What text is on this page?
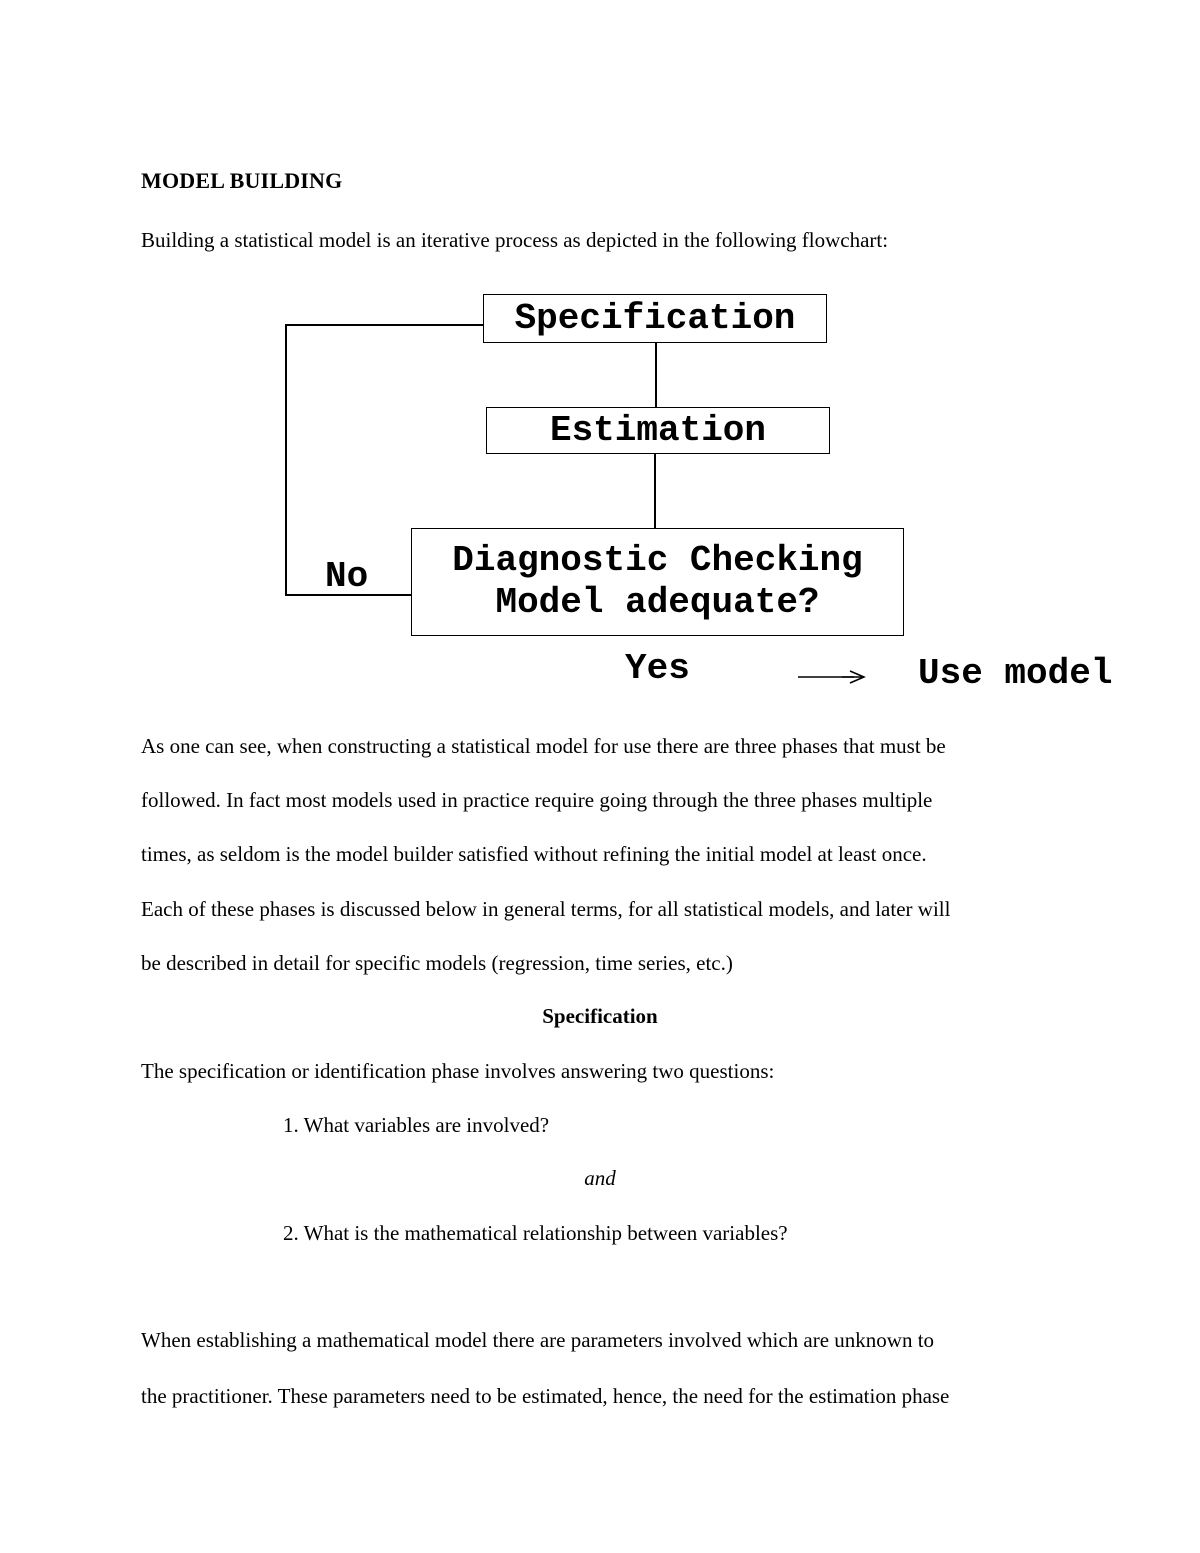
MODEL BUILDING
Building a statistical model is an iterative process as depicted in the following flowchart:
Specification
Estimation
Diagnostic Checking
Model adequate?
No
Yes	Use model
As one can see, when constructing a statistical model for use there are three phases that must be
followed. In fact most models used in practice require going through the three phases multiple
times, as seldom is the model builder satisfied without refining the initial model at least once.
Each of these phases is discussed below in general terms, for all statistical models, and later will
be described in detail for specific models (regression, time series, etc.)
Specification
The specification or identification phase involves answering two questions:
1. What variables are involved?
and
2. What is the mathematical relationship between variables?
When establishing a mathematical model there are parameters involved which are unknown to
the practitioner. These parameters need to be estimated, hence, the need for the estimation phase
